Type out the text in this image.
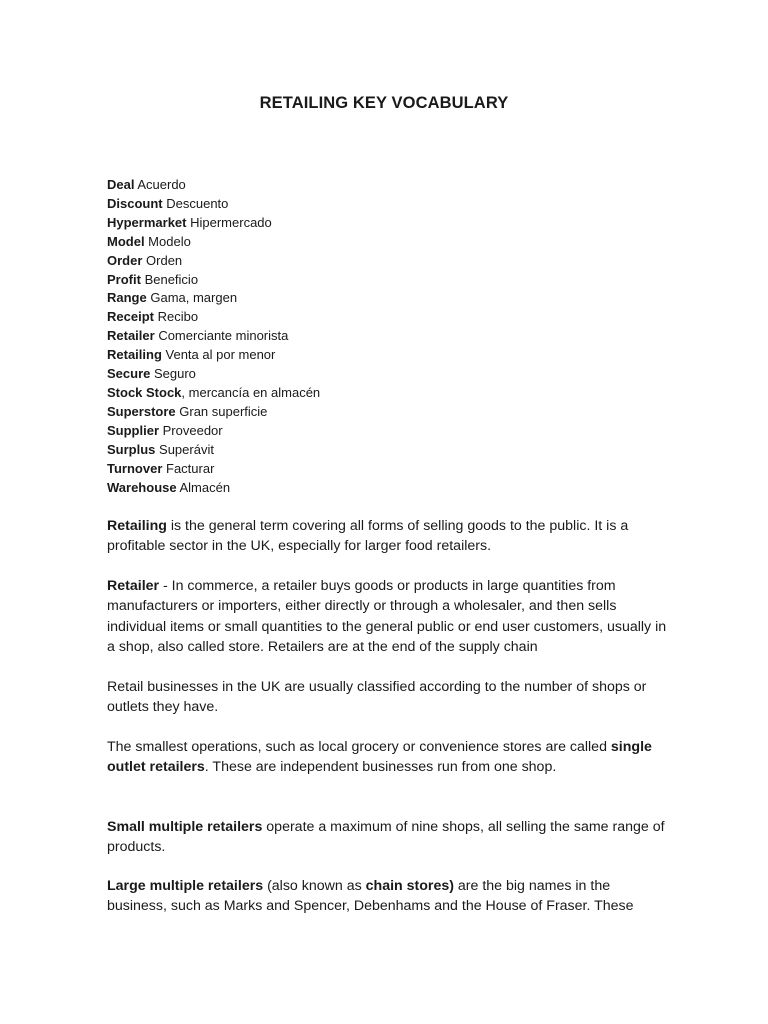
RETAILING KEY VOCABULARY
Deal Acuerdo
Discount Descuento
Hypermarket Hipermercado
Model Modelo
Order Orden
Profit Beneficio
Range Gama, margen
Receipt Recibo
Retailer Comerciante minorista
Retailing Venta al por menor
Secure Seguro
Stock Stock, mercancía en almacén
Superstore Gran superficie
Supplier Proveedor
Surplus Superávit
Turnover Facturar
Warehouse Almacén

Retailing is the general term covering all forms of selling goods to the public. It is a profitable sector in the UK, especially for larger food retailers.

Retailer - In commerce, a retailer buys goods or products in large quantities from manufacturers or importers, either directly or through a wholesaler, and then sells individual items or small quantities to the general public or end user customers, usually in a shop, also called store. Retailers are at the end of the supply chain

Retail businesses in the UK are usually classified according to the number of shops or outlets they have.

The smallest operations, such as local grocery or convenience stores are called single outlet retailers. These are independent businesses run from one shop.

Small multiple retailers operate a maximum of nine shops, all selling the same range of products.

Large multiple retailers (also known as chain stores) are the big names in the business, such as Marks and Spencer, Debenhams and the House of Fraser. These
